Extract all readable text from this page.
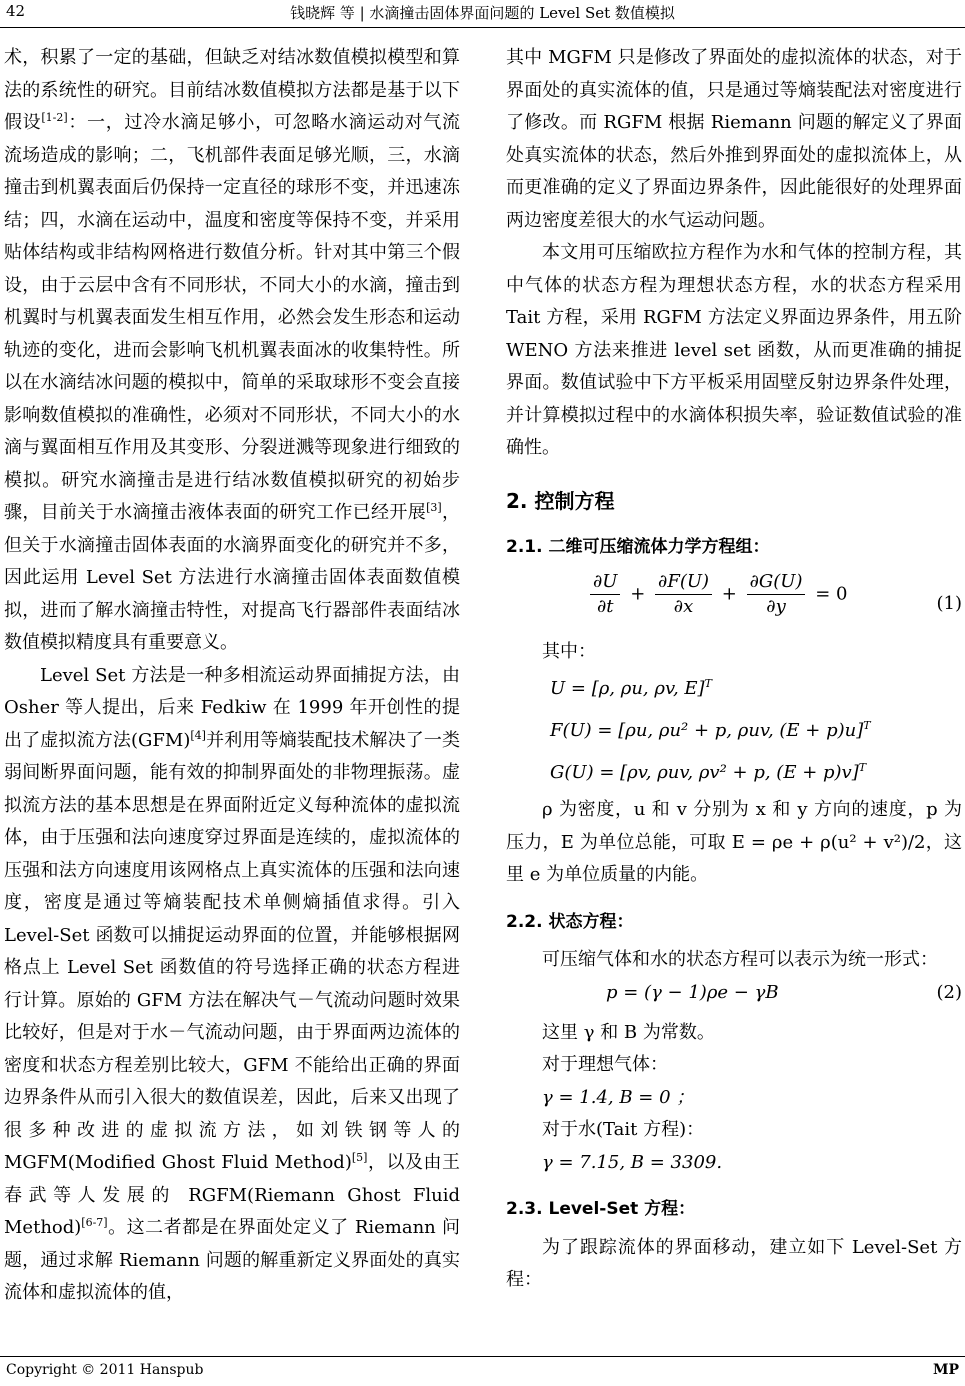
42	钱晓辉 等 | 水滴撞击固体界面问题的 Level Set 数值模拟

术，积累了一定的基础，但缺乏对结冰数值模拟模型和算法的系统性的研究。目前结冰数值模拟方法都是基于以下假设[1-2]：一，过冷水滴足够小，可忽略水滴运动对气流流场造成的影响；二，飞机部件表面足够光顺，三，水滴撞击到机翼表面后仍保持一定直径的球形不变，并迅速冻结；四，水滴在运动中，温度和密度等保持不变，并采用贴体结构或非结构网格进行数值分析。针对其中第三个假设，由于云层中含有不同形状，不同大小的水滴，撞击到机翼时与机翼表面发生相互作用，必然会发生形态和运动轨迹的变化，进而会影响飞机机翼表面冰的收集特性。所以在水滴结冰问题的模拟中，简单的采取球形不变会直接影响数值模拟的准确性，必须对不同形状，不同大小的水滴与翼面相互作用及其变形、分裂迸溅等现象进行细致的模拟。研究水滴撞击是进行结冰数值模拟研究的初始步骤，目前关于水滴撞击液体表面的研究工作已经开展[3]，但关于水滴撞击固体表面的水滴界面变化的研究并不多，因此运用 Level Set 方法进行水滴撞击固体表面数值模拟，进而了解水滴撞击特性，对提高飞行器部件表面结冰数值模拟精度具有重要意义。

Level Set 方法是一种多相流运动界面捕捉方法，由 Osher 等人提出，后来 Fedkiw 在 1999 年开创性的提出了虚拟流方法(GFM)[4]并利用等熵装配技术解决了一类弱间断界面问题，能有效的抑制界面处的非物理振荡。虚拟流方法的基本思想是在界面附近定义每种流体的虚拟流体，由于压强和法向速度穿过界面是连续的，虚拟流体的压强和法方向速度用该网格点上真实流体的压强和法向速度，密度是通过等熵装配技术单侧熵插值求得。引入 Level-Set 函数可以捕捉运动界面的位置，并能够根据网格点上 Level Set 函数值的符号选择正确的状态方程进行计算。原始的 GFM 方法在解决气－气流动问题时效果比较好，但是对于水－气流动问题，由于界面两边流体的密度和状态方程差别比较大，GFM 不能给出正确的界面边界条件从而引入很大的数值误差，因此，后来又出现了很多种改进的虚拟流方法，如刘铁钢等人的 MGFM(Modified Ghost Fluid Method)[5]，以及由王春武等人发展的 RGFM(Riemann Ghost Fluid Method)[6-7]。这二者都是在界面处定义了 Riemann 问题，通过求解 Riemann 问题的解重新定义界面处的真实流体和虚拟流体的值，

其中 MGFM 只是修改了界面处的虚拟流体的状态，对于界面处的真实流体的值，只是通过等熵装配法对密度进行了修改。而 RGFM 根据 Riemann 问题的解定义了界面处真实流体的状态，然后外推到界面处的虚拟流体上，从而更准确的定义了界面边界条件，因此能很好的处理界面两边密度差很大的水气运动问题。

本文用可压缩欧拉方程作为水和气体的控制方程，其中气体的状态方程为理想状态方程，水的状态方程采用 Tait 方程，采用 RGFM 方法定义界面边界条件，用五阶 WENO 方法来推进 level set 函数，从而更准确的捕捉界面。数值试验中下方平板采用固壁反射边界条件处理，并计算模拟过程中的水滴体积损失率，验证数值试验的准确性。

2. 控制方程
2.1. 二维可压缩流体力学方程组：
$\frac{\partial U}{\partial t} + \frac{\partial F(U)}{\partial x} + \frac{\partial G(U)}{\partial y} = 0$	(1)

其中：

U = [ρ, ρu, ρv, E]$^T$
F(U) = [ρu, ρu² + p, ρuv, (E + p)u]$^T$
G(U) = [ρv, ρuv, ρv² + p, (E + p)v]$^T$

ρ 为密度，u 和 v 分别为 x 和 y 方向的速度，p 为压力，E 为单位总能，可取 E = ρe + ρ(u² + v²)/2，这里 e 为单位质量的内能。

2.2. 状态方程：

可压缩气体和水的状态方程可以表示为统一形式：

p = (γ − 1)ρe − γB	(2)

这里 γ 和 B 为常数。

对于理想气体：

γ = 1.4, B = 0 ；

对于水(Tait 方程)：

γ = 7.15, B = 3309.

2.3. Level-Set 方程：

为了跟踪流体的界面移动，建立如下 Level-Set 方程：

Copyright © 2011 Hanspub	MP
